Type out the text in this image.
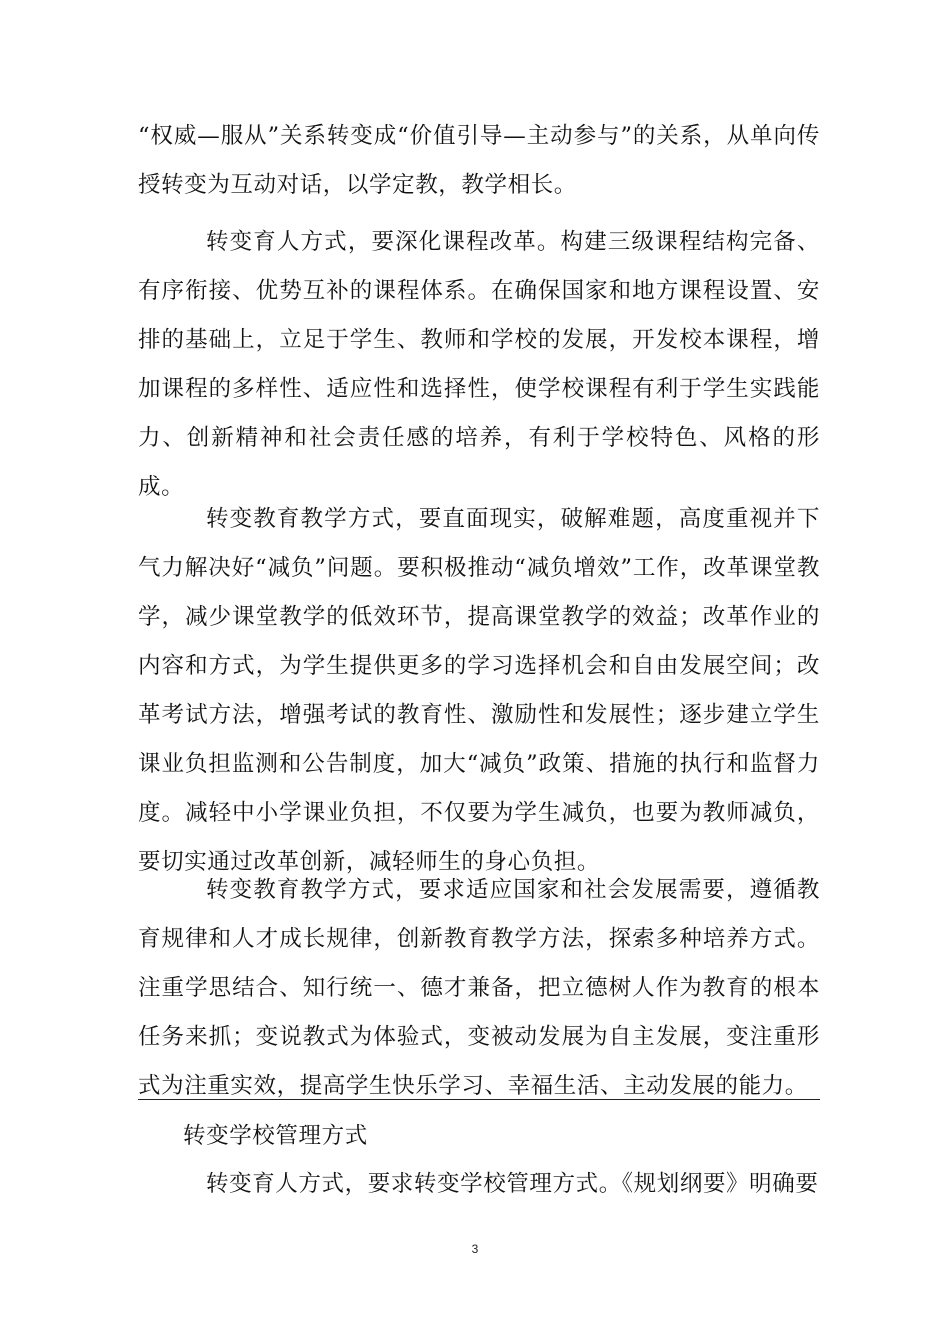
“权威—服从”关系转变成“价值引导—主动参与”的关系，从单向传授转变为互动对话，以学定教，教学相长。

转变育人方式，要深化课程改革。构建三级课程结构完备、有序衔接、优势互补的课程体系。在确保国家和地方课程设置、安排的基础上，立足于学生、教师和学校的发展，开发校本课程，增加课程的多样性、适应性和选择性，使学校课程有利于学生实践能力、创新精神和社会责任感的培养，有利于学校特色、风格的形成。

转变教育教学方式，要直面现实，破解难题，高度重视并下气力解决好“减负”问题。要积极推动“减负增效”工作，改革课堂教学，减少课堂教学的低效环节，提高课堂教学的效益；改革作业的内容和方式，为学生提供更多的学习选择机会和自由发展空间；改革考试方法，增强考试的教育性、激励性和发展性；逐步建立学生课业负担监测和公告制度，加大“减负”政策、措施的执行和监督力度。减轻中小学课业负担，不仅要为学生减负，也要为教师减负，要切实通过改革创新，减轻师生的身心负担。

转变教育教学方式，要求适应国家和社会发展需要，遵循教育规律和人才成长规律，创新教育教学方法，探索多种培养方式。注重学思结合、知行统一、德才兼备，把立德树人作为教育的根本任务来抓；变说教式为体验式，变被动发展为自主发展，变注重形式为注重实效，提高学生快乐学习、幸福生活、主动发展的能力。

转变学校管理方式

转变育人方式，要求转变学校管理方式。《规划纲要》明确要

3
